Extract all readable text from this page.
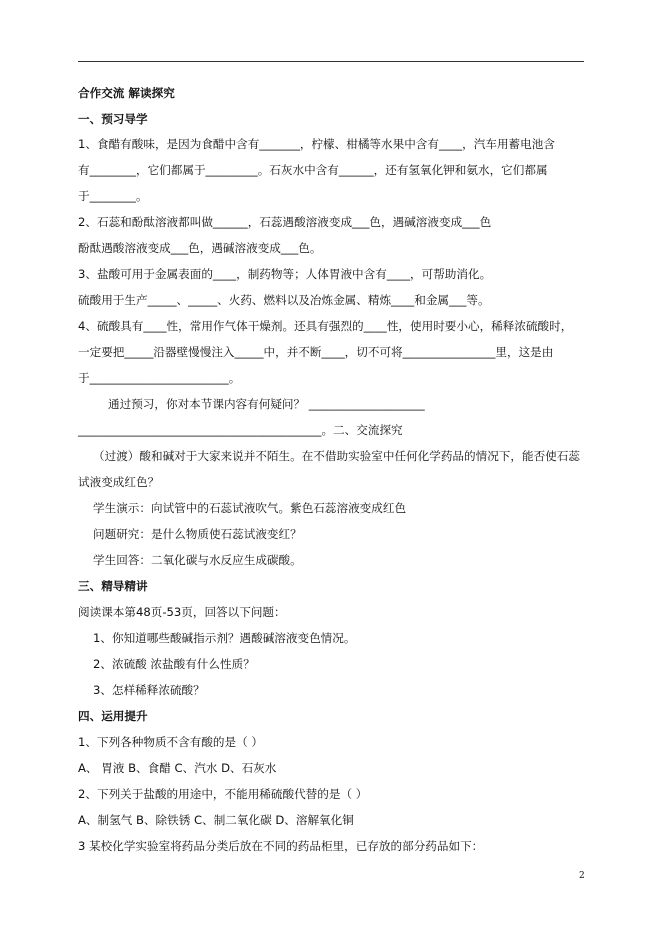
合作交流 解读探究
一、预习导学
1、食醋有酸味，是因为食醋中含有_______，柠檬、柑橘等水果中含有____，汽车用蓄电池含
有________，它们都属于_________。石灰水中含有______，还有氢氧化钾和氨水，它们都属
于________。
2、石蕊和酚酞溶液都叫做______，石蕊遇酸溶液变成___色，遇碱溶液变成___色
酚酞遇酸溶液变成___色，遇碱溶液变成___色。
3、盐酸可用于金属表面的____，制药物等；人体胃液中含有____，可帮助消化。
硫酸用于生产_____、_____、火药、燃料以及冶炼金属、精炼____和金属___等。
4、硫酸具有____性，常用作气体干燥剂。还具有强烈的____性，使用时要小心，稀释浓硫酸时，
一定要把_____沿器壁慢慢注入_____中，并不断____，切不可将________________里，这是由
于________________________。
通过预习，你对本节课内容有何疑问？ ____________________
__________________________________________。二、交流探究
（过渡）酸和碱对于大家来说并不陌生。在不借助实验室中任何化学药品的情况下，能否使石蕊
试液变成红色？
学生演示：向试管中的石蕊试液吹气。紫色石蕊溶液变成红色
问题研究：是什么物质使石蕊试液变红？
学生回答：二氧化碳与水反应生成碳酸。
三、精导精讲
阅读课本第48页-53页，回答以下问题：
1、你知道哪些酸碱指示剂？遇酸碱溶液变色情况。
2、浓硫酸 浓盐酸有什么性质？
3、怎样稀释浓硫酸？
四、运用提升
1、下列各种物质不含有酸的是（ ）
A、 胃液 B、食醋 C、汽水 D、石灰水
2、下列关于盐酸的用途中，不能用稀硫酸代替的是（ ）
A、制氢气 B、除铁锈 C、制二氧化碳 D、溶解氧化铜
3 某校化学实验室将药品分类后放在不同的药品柜里，已存放的部分药品如下：
2
